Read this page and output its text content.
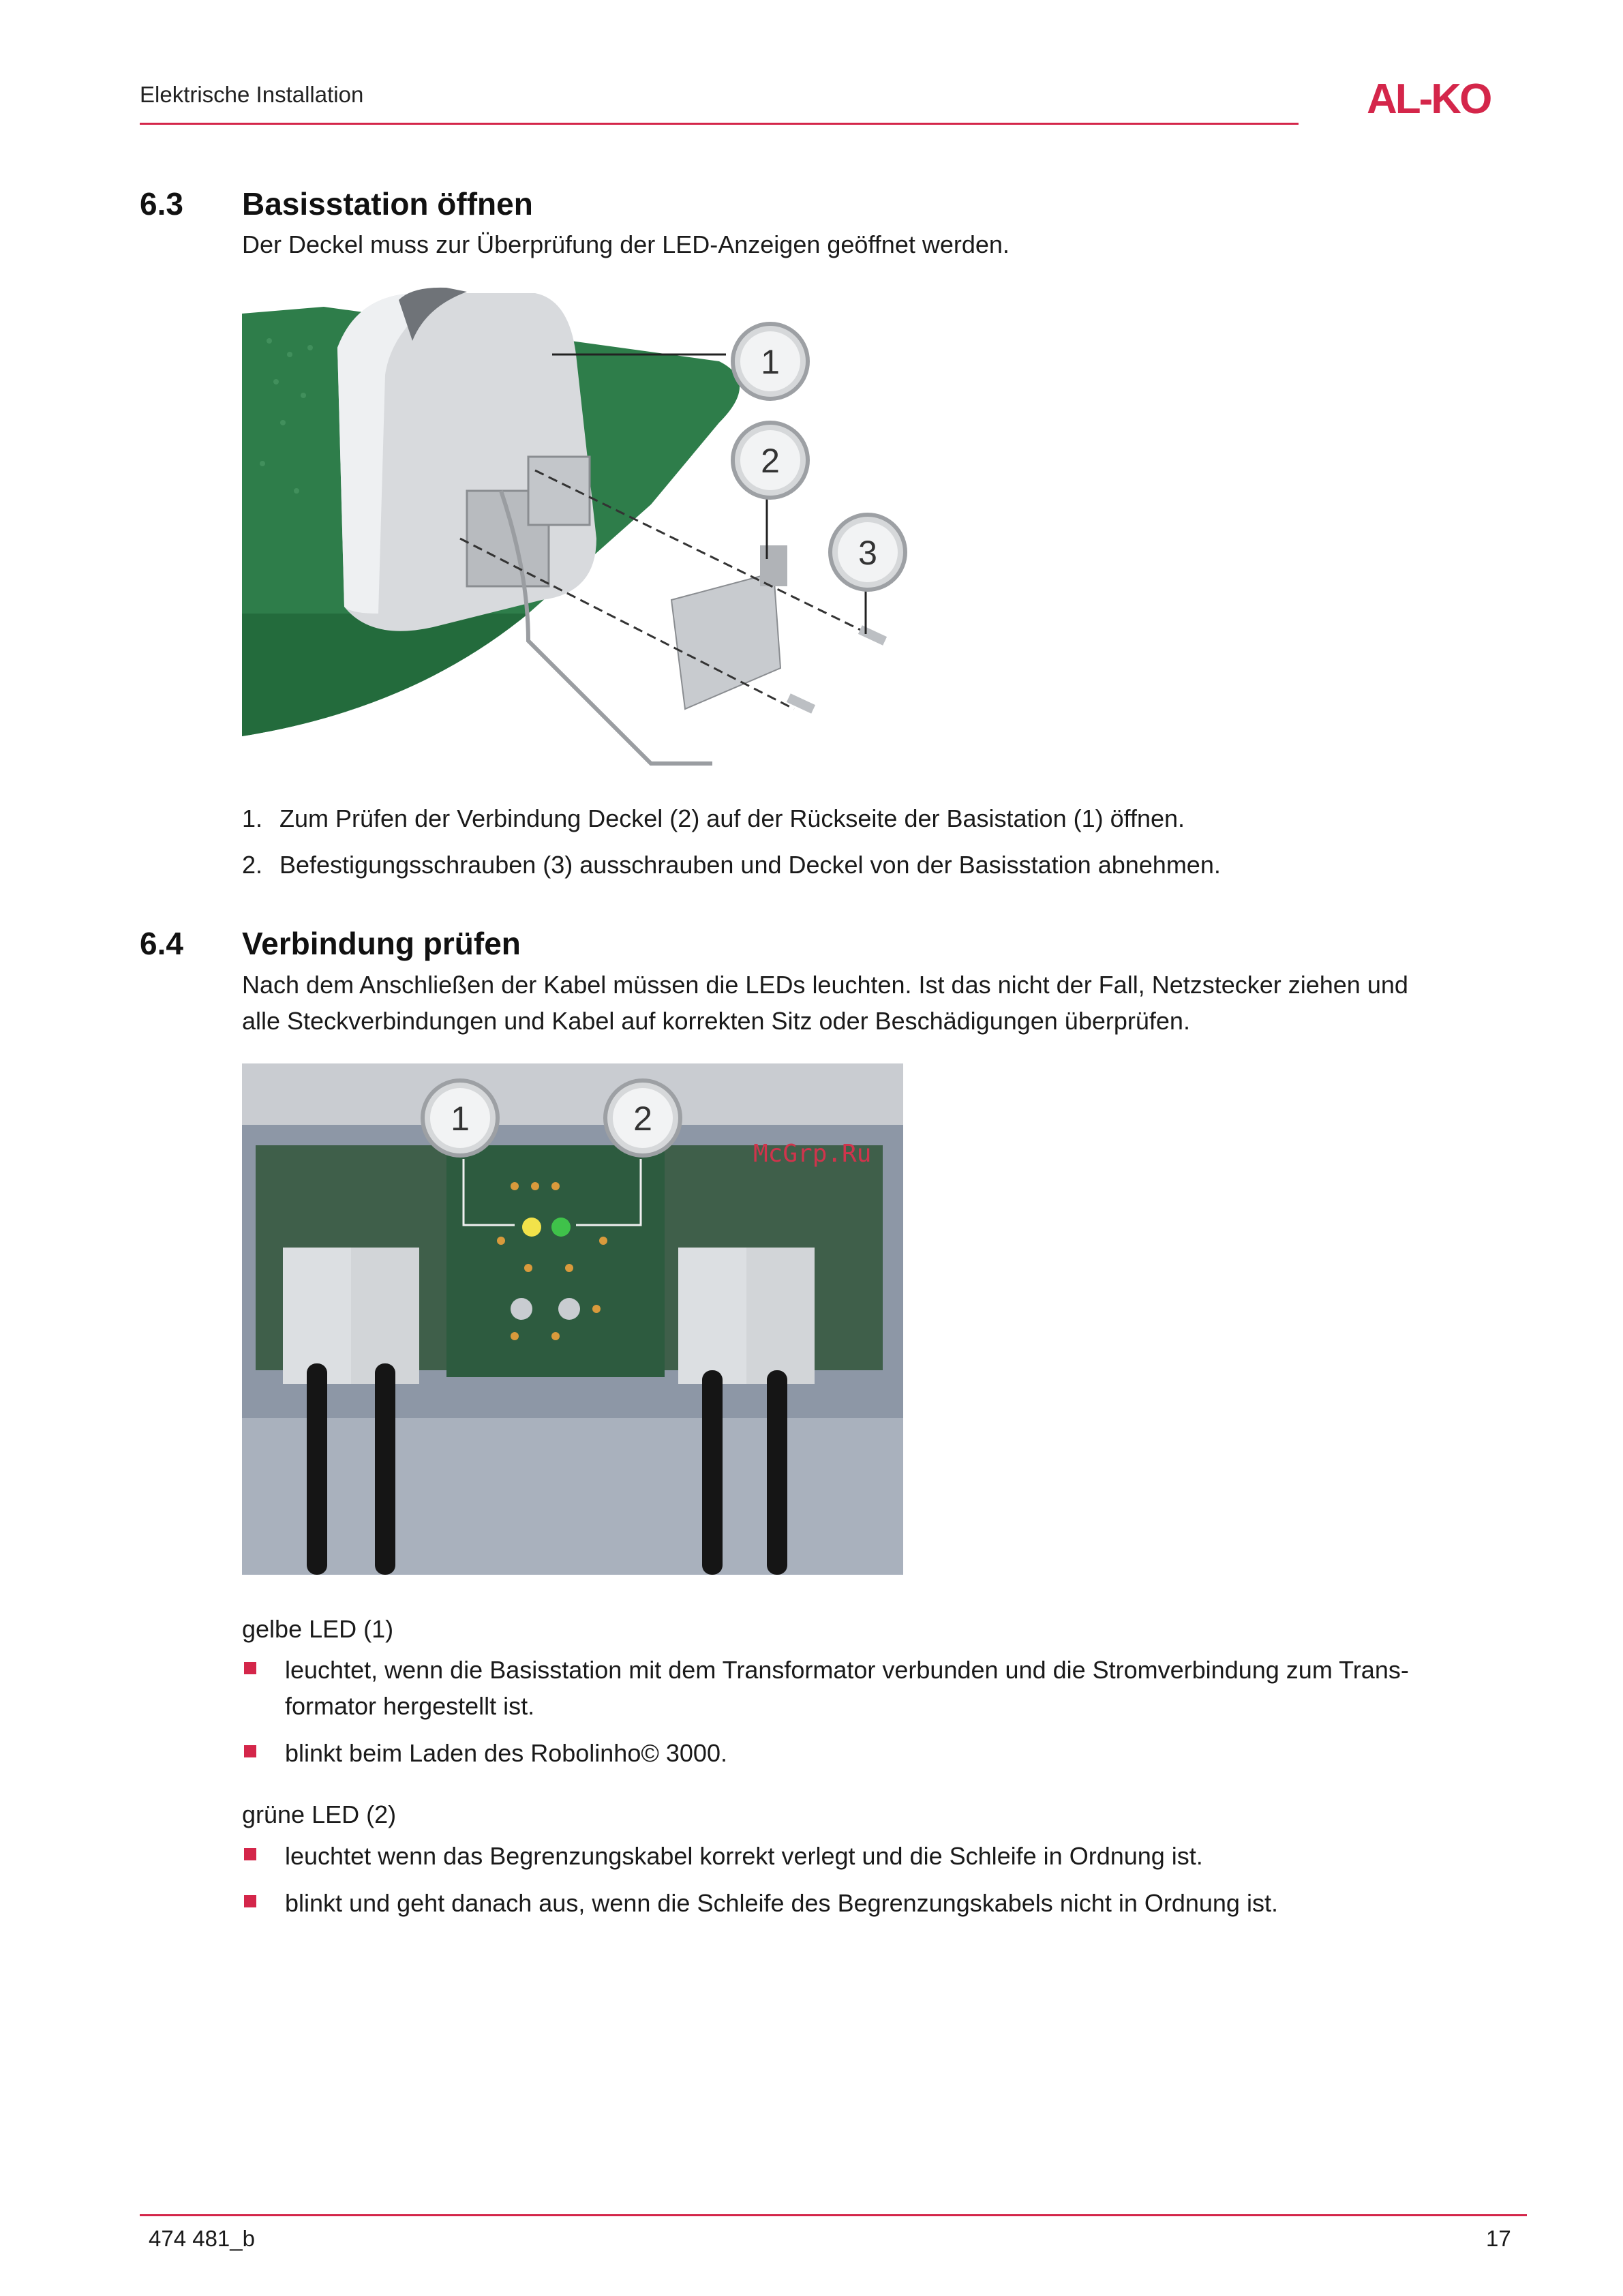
Elektrische Installation	AL-KO
6.3 Basisstation öffnen
Der Deckel muss zur Überprüfung der LED-Anzeigen geöffnet werden.
1
2
3
1. Zum Prüfen der Verbindung Deckel (2) auf der Rückseite der Basistation (1) öffnen.
2. Befestigungsschrauben (3) ausschrauben und Deckel von der Basisstation abnehmen.
6.4 Verbindung prüfen
Nach dem Anschließen der Kabel müssen die LEDs leuchten. Ist das nicht der Fall, Netzstecker ziehen und
alle Steckverbindungen und Kabel auf korrekten Sitz oder Beschädigungen überprüfen.
1	2
McGrp.Ru
gelbe LED (1)
leuchtet, wenn die Basisstation mit dem Transformator verbunden und die Stromverbindung zum Trans-
formator hergestellt ist.
blinkt beim Laden des Robolinho© 3000.
grüne LED (2)
leuchtet wenn das Begrenzungskabel korrekt verlegt und die Schleife in Ordnung ist.
blinkt und geht danach aus, wenn die Schleife des Begrenzungskabels nicht in Ordnung ist.
474 481_b	17
